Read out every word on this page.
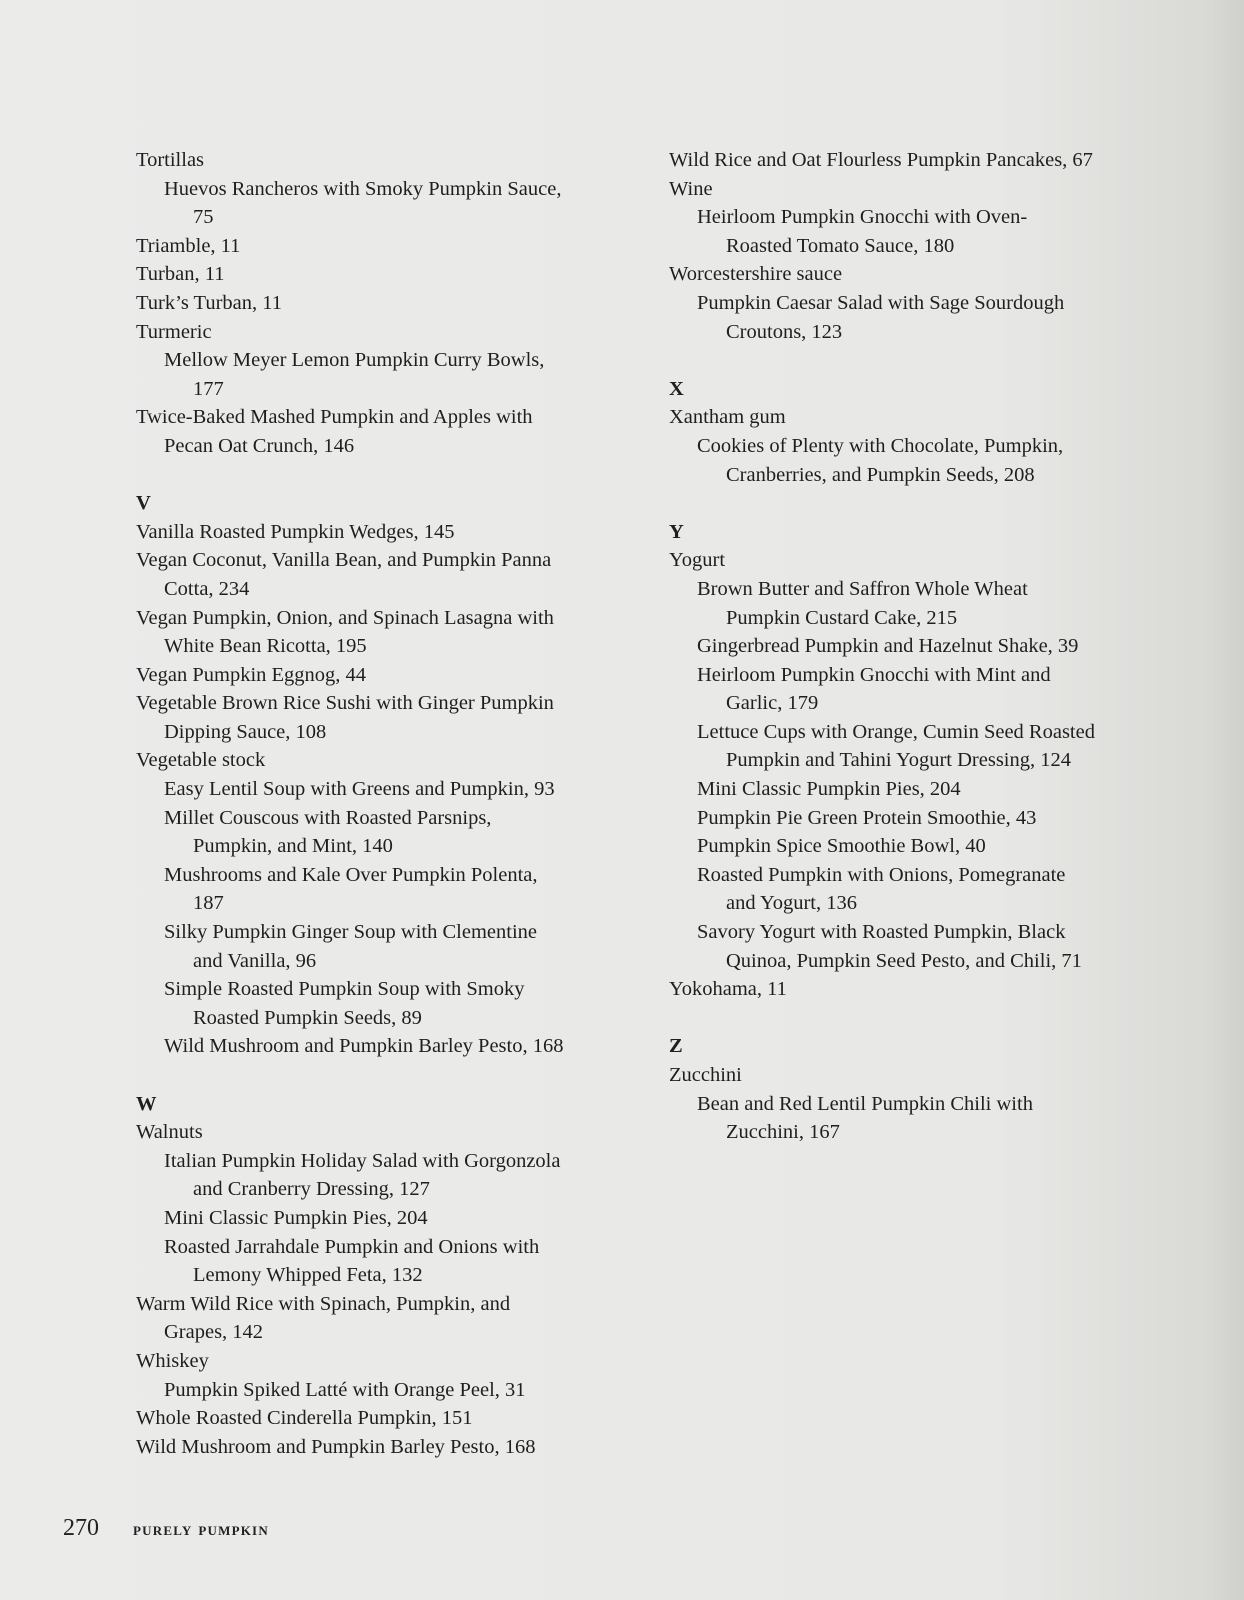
Tortillas
Huevos Rancheros with Smoky Pumpkin Sauce,
75
Triamble, 11
Turban, 11
Turk’s Turban, 11
Turmeric
Mellow Meyer Lemon Pumpkin Curry Bowls,
177
Twice-Baked Mashed Pumpkin and Apples with
Pecan Oat Crunch, 146
V
Vanilla Roasted Pumpkin Wedges, 145
Vegan Coconut, Vanilla Bean, and Pumpkin Panna
Cotta, 234
Vegan Pumpkin, Onion, and Spinach Lasagna with
White Bean Ricotta, 195
Vegan Pumpkin Eggnog, 44
Vegetable Brown Rice Sushi with Ginger Pumpkin
Dipping Sauce, 108
Vegetable stock
Easy Lentil Soup with Greens and Pumpkin, 93
Millet Couscous with Roasted Parsnips,
Pumpkin, and Mint, 140
Mushrooms and Kale Over Pumpkin Polenta,
187
Silky Pumpkin Ginger Soup with Clementine
and Vanilla, 96
Simple Roasted Pumpkin Soup with Smoky
Roasted Pumpkin Seeds, 89
Wild Mushroom and Pumpkin Barley Pesto, 168
W
Walnuts
Italian Pumpkin Holiday Salad with Gorgonzola
and Cranberry Dressing, 127
Mini Classic Pumpkin Pies, 204
Roasted Jarrahdale Pumpkin and Onions with
Lemony Whipped Feta, 132
Warm Wild Rice with Spinach, Pumpkin, and
Grapes, 142
Whiskey
Pumpkin Spiked Latté with Orange Peel, 31
Whole Roasted Cinderella Pumpkin, 151
Wild Mushroom and Pumpkin Barley Pesto, 168
Wild Rice and Oat Flourless Pumpkin Pancakes, 67
Wine
Heirloom Pumpkin Gnocchi with Oven-
Roasted Tomato Sauce, 180
Worcestershire sauce
Pumpkin Caesar Salad with Sage Sourdough
Croutons, 123
X
Xantham gum
Cookies of Plenty with Chocolate, Pumpkin,
Cranberries, and Pumpkin Seeds, 208
Y
Yogurt
Brown Butter and Saffron Whole Wheat
Pumpkin Custard Cake, 215
Gingerbread Pumpkin and Hazelnut Shake, 39
Heirloom Pumpkin Gnocchi with Mint and
Garlic, 179
Lettuce Cups with Orange, Cumin Seed Roasted
Pumpkin and Tahini Yogurt Dressing, 124
Mini Classic Pumpkin Pies, 204
Pumpkin Pie Green Protein Smoothie, 43
Pumpkin Spice Smoothie Bowl, 40
Roasted Pumpkin with Onions, Pomegranate
and Yogurt, 136
Savory Yogurt with Roasted Pumpkin, Black
Quinoa, Pumpkin Seed Pesto, and Chili, 71
Yokohama, 11
Z
Zucchini
Bean and Red Lentil Pumpkin Chili with
Zucchini, 167
270 purely pumpkin
